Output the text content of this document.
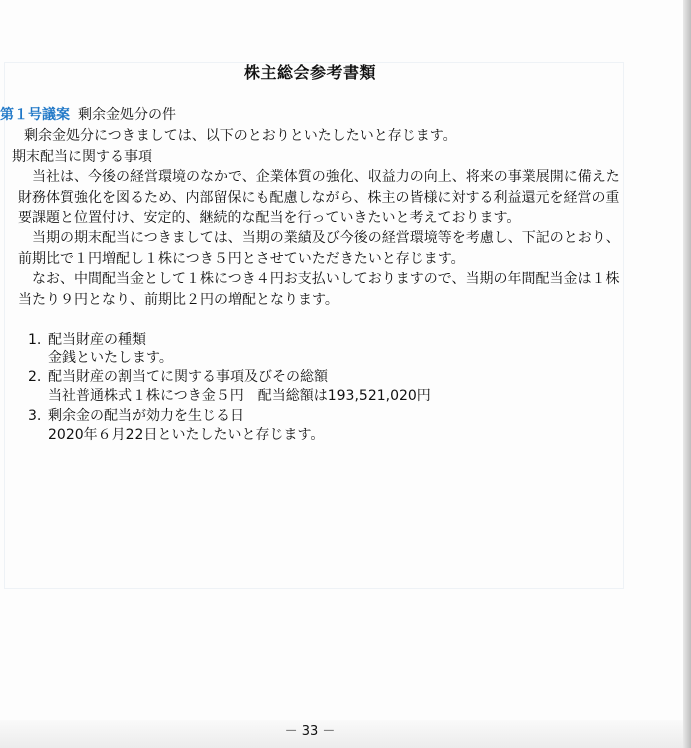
株主総会参考書類
第１号議案 剰余金処分の件
剰余金処分につきましては、以下のとおりといたしたいと存じます。
期末配当に関する事項
当社は、今後の経営環境のなかで、企業体質の強化、収益力の向上、将来の事業展開に備えた
財務体質強化を図るため、内部留保にも配慮しながら、株主の皆様に対する利益還元を経営の重
要課題と位置付け、安定的、継続的な配当を行っていきたいと考えております。
当期の期末配当につきましては、当期の業績及び今後の経営環境等を考慮し、下記のとおり、
前期比で１円増配し１株につき５円とさせていただきたいと存じます。
なお、中間配当金として１株につき４円お支払いしておりますので、当期の年間配当金は１株
当たり９円となり、前期比２円の増配となります。
1. 配当財産の種類
金銭といたします。
2. 配当財産の割当てに関する事項及びその総額
当社普通株式１株につき金５円 配当総額は193,521,020円
3. 剰余金の配当が効力を生じる日
2020年６月22日といたしたいと存じます。
－ 33 －
